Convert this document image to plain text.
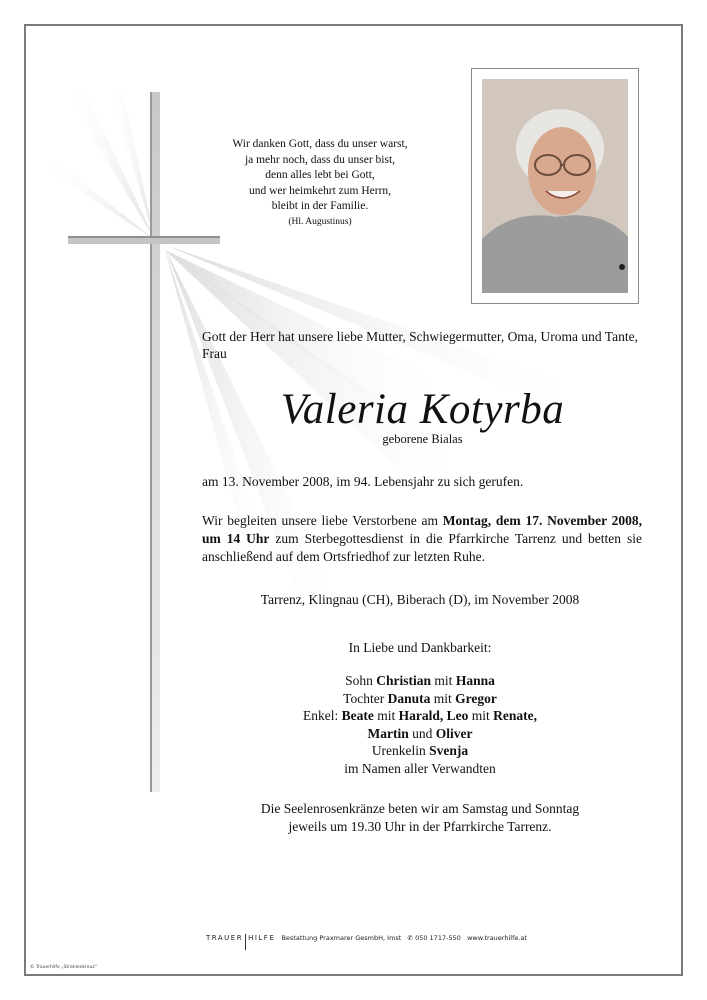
Wir danken Gott, dass du unser warst,
ja mehr noch, dass du unser bist,
denn alles lebt bei Gott,
und wer heimkehrt zum Herrn,
bleibt in der Familie.
(Hl. Augustinus)
Gott der Herr hat unsere liebe Mutter, Schwiegermutter, Oma, Uroma und Tante, Frau
Valeria Kotyrba
geborene Bialas
am 13. November 2008, im 94. Lebensjahr zu sich gerufen.
Wir begleiten unsere liebe Verstorbene am Montag, dem 17. November 2008, um 14 Uhr zum Sterbegottesdienst in die Pfarrkirche Tarrenz und betten sie anschließend auf dem Ortsfriedhof zur letzten Ruhe.
Tarrenz, Klingnau (CH), Biberach (D), im November 2008
In Liebe und Dankbarkeit:
Sohn Christian mit Hanna
Tochter Danuta mit Gregor
Enkel: Beate mit Harald, Leo mit Renate,
Martin und Oliver
Urenkelin Svenja
im Namen aller Verwandten
Die Seelenrosenkränze beten wir am Samstag und Sonntag
jeweils um 19.30 Uhr in der Pfarrkirche Tarrenz.
TRAUER HILFE Bestattung Praxmarer GesmbH, Imst ✆ 050 1717-550 www.trauerhilfe.at
© Trauerhilfe „Strahlenkreuz"
